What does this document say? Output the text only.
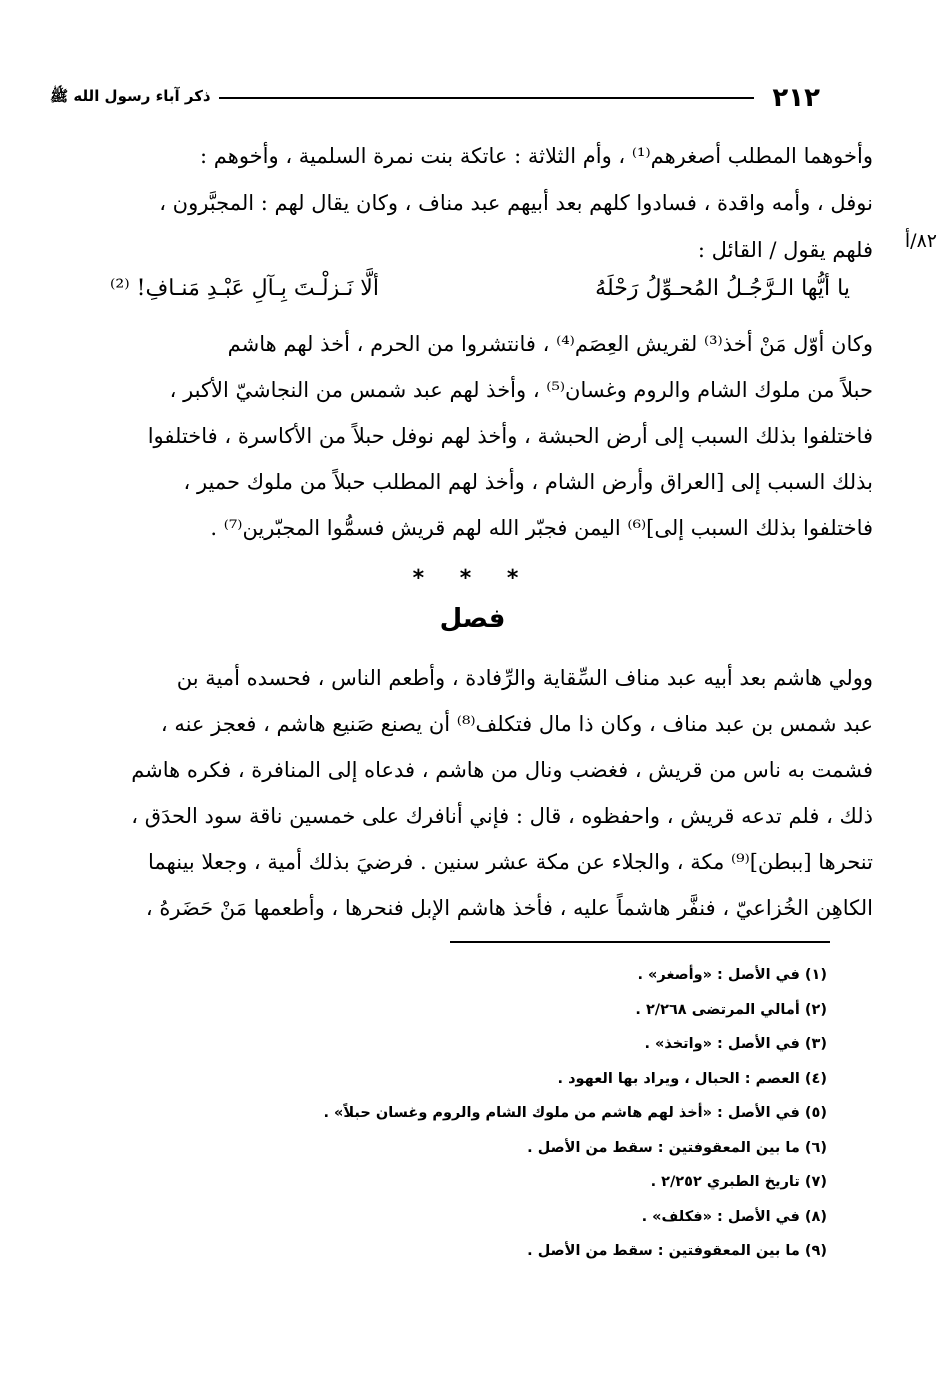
٢١٢
ذكر آباء رسول الله ﷺ
وأخوهما المطلب أصغرهم⁽¹⁾ ، وأم الثلاثة : عاتكة بنت نمرة السلمية ، وأخوهم :
نوفل ، وأمه واقدة ، فسادوا كلهم بعد أبيهم عبد مناف ، وكان يقال لهم : المجبَّرون ،
فلهم يقول / القائل : ٨٢/أ
يا أيُّها الـرَّجُـلُ المُحـوِّلُ رَحْلَهُ
ألَّا نَـزلْـتَ بِـآلِ عَبْـدِ مَنـافِ! ⁽²⁾
وكان أوّل مَنْ أخذ⁽³⁾ لقريش العِصَم⁽⁴⁾ ، فانتشروا من الحرم ، أخذ لهم هاشم
حبلاً من ملوك الشام والروم وغسان⁽⁵⁾ ، وأخذ لهم عبد شمس من النجاشيّ الأكبر ،
فاختلفوا بذلك السبب إلى أرض الحبشة ، وأخذ لهم نوفل حبلاً من الأكاسرة ، فاختلفوا
بذلك السبب إلى [العراق وأرض الشام ، وأخذ لهم المطلب حبلاً من ملوك حمير ،
فاختلفوا بذلك السبب إلى]⁽⁶⁾ اليمن فجبّر الله لهم قريش فسمُّوا المجبّرين⁽⁷⁾ .
* * *
فصل
وولي هاشم بعد أبيه عبد مناف السِّقاية والرِّفادة ، وأطعم الناس ، فحسده أمية بن
عبد شمس بن عبد مناف ، وكان ذا مال فتكلف⁽⁸⁾ أن يصنع صَنيع هاشم ، فعجز عنه ،
فشمت به ناس من قريش ، فغضب ونال من هاشم ، فدعاه إلى المنافرة ، فكره هاشم
ذلك ، فلم تدعه قريش ، واحفظوه ، قال : فإني أنافرك على خمسين ناقة سود الحدَق ،
تنحرها [ببطن]⁽⁹⁾ مكة ، والجلاء عن مكة عشر سنين . فرضيَ بذلك أمية ، وجعلا بينهما
الكاهِن الخُزاعيّ ، فنفَّر هاشماً عليه ، فأخذ هاشم الإبل فنحرها ، وأطعمها مَنْ حَضَرهُ ،
(١) في الأصل : «وأصغر» .
(٢) أمالي المرتضى ٢/٢٦٨ .
(٣) في الأصل : «واتخذ» .
(٤) العصم : الحبال ، ويراد بها العهود .
(٥) في الأصل : «أخذ لهم هاشم من ملوك الشام والروم وغسان حبلاً» .
(٦) ما بين المعقوفتين : سقط من الأصل .
(٧) تاريخ الطبري ٢/٢٥٢ .
(٨) في الأصل : «فكلف» .
(٩) ما بين المعقوفتين : سقط من الأصل .
